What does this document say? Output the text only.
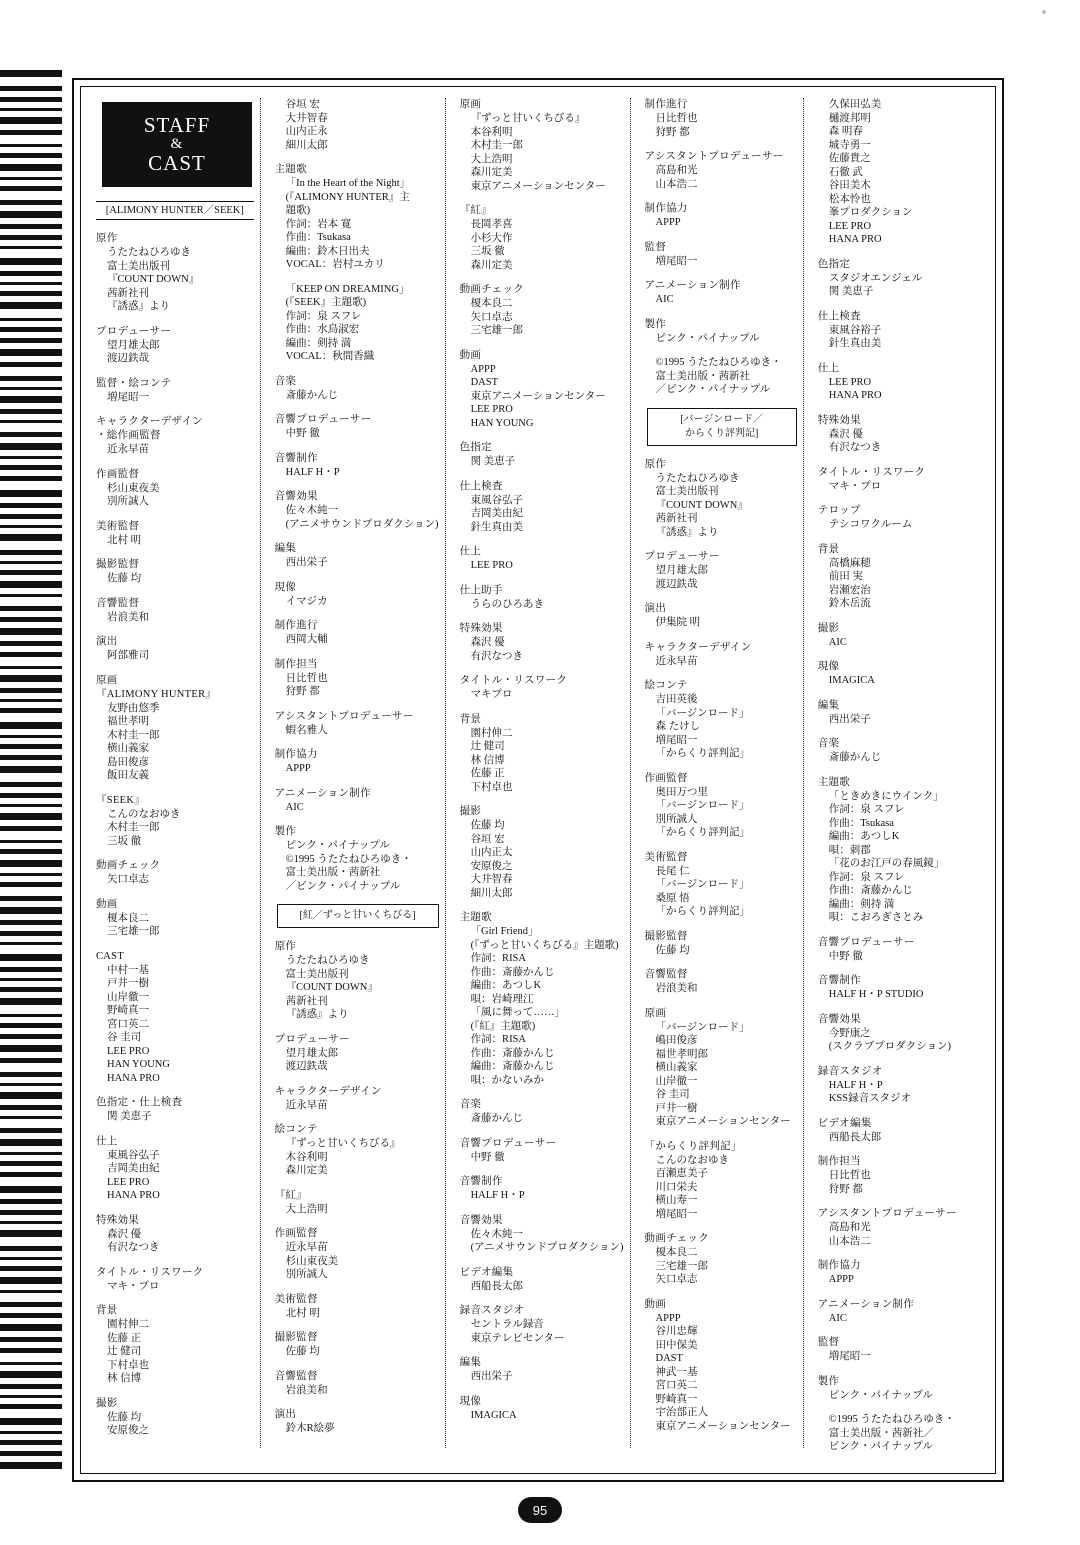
STAFF
&
CAST
[ALIMONY HUNTER／SEEK]
原作
うたたねひろゆき
富士美出版刊
『COUNT DOWN』
茜新社刊
『誘惑』より
プロデューサー
望月雄太郎
渡辺鉄哉
監督・絵コンテ
増尾昭一
キャラクターデザイン
・総作画監督
近永早苗
作画監督
杉山東夜美
別所誠人
美術監督
北村 明
撮影監督
佐藤 均
音響監督
岩浪美和
演出
阿部雅司
原画
『ALIMONY HUNTER』
友野由悠季
福世孝明
木村圭一郎
横山義家
島田俊彦
飯田友義
『SEEK』
こんのなおゆき
木村圭一郎
三坂 徹
動画チェック
矢口卓志
動画
榎本良二
三宅雄一郎
CAST
中村一基
戸井一樹
山岸徹一
野崎真一
宮口英二
谷 圭司
LEE PRO
HAN YOUNG
HANA PRO
色指定・仕上検査
関 美恵子
仕上
東風谷弘子
吉岡美由紀
LEE PRO
HANA PRO
特殊効果
森沢 優
有沢なつき
タイトル・リスワーク
マキ・プロ
背景
園村伸二
佐藤 正
辻 健司
下村卓也
林 信博
撮影
佐藤 均
安原俊之
谷垣 宏
大井智春
山内正永
細川太郎
主題歌
「In the Heart of the Night」
(『ALIMONY HUNTER』主
題歌)
作詞：岩本 寛
作曲：Tsukasa
編曲：鈴木日出夫
VOCAL：岩村ユカリ
「KEEP ON DREAMING」
(『SEEK』主題歌)
作詞：泉 スフレ
作曲：水鳥淑宏
編曲：剣持 満
VOCAL：秋間香織
音楽
斎藤かんじ
音響プロデューサー
中野 徹
音響制作
HALF H・P
音響効果
佐々木純一
(アニメサウンドプロダクション)
編集
西出栄子
現像
イマジカ
制作進行
西岡大輔
制作担当
日比哲也
狩野 都
アシスタントプロデューサー
蝦名雅人
制作協力
APPP
アニメーション制作
AIC
製作
ピンク・パイナップル
©1995 うたたねひろゆき・
富士美出版・茜新社
／ピンク・パイナップル
[紅／ずっと甘いくちびる]
原作
うたたねひろゆき
富士美出版刊
『COUNT DOWN』
茜新社刊
『誘惑』より
プロデューサー
望月雄太郎
渡辺鉄哉
キャラクターデザイン
近永早苗
絵コンテ
『ずっと甘いくちびる』
木谷利明
森川定美
『紅』
大上浩明
作画監督
近永早苗
杉山東夜美
別所誠人
美術監督
北村 明
撮影監督
佐藤 均
音響監督
岩浪美和
演出
鈴木R絵夢
原画
『ずっと甘いくちびる』
本谷利明
木村圭一郎
大上浩明
森川定美
東京アニメーションセンター
『紅』
長岡孝喜
小杉大作
三坂 徹
森川定美
動画チェック
榎本良二
矢口卓志
三宅雄一郎
動画
APPP
DAST
東京アニメーションセンター
LEE PRO
HAN YOUNG
色指定
関 美恵子
仕上検査
東風谷弘子
吉岡美由紀
針生真由美
仕上
LEE PRO
仕上助手
うらのひろあき
特殊効果
森沢 優
有沢なつき
タイトル・リスワーク
マキプロ
背景
園村伸二
辻 健司
林 信博
佐藤 正
下村卓也
撮影
佐藤 均
谷垣 宏
山内正太
安原俊之
大井智春
細川太郎
主題歌
「Girl Friend」
(『ずっと甘いくちびる』主題歌)
作詞：RISA
作曲：斎藤かんじ
編曲：あつしK
唄：岩崎理江
「風に舞って……」
(『紅』主題歌)
作詞：RISA
作曲：斎藤かんじ
編曲：斎藤かんじ
唄：かないみか
音楽
斎藤かんじ
音響プロデューサー
中野 徹
音響制作
HALF H・P
音響効果
佐々木純一
(アニメサウンドプロダクション)
ビデオ編集
西船長太郎
録音スタジオ
セントラル録音
東京テレビセンター
編集
西出栄子
現像
IMAGICA
制作進行
日比哲也
狩野 都
アシスタントプロデューサー
高島和光
山本浩二
制作協力
APPP
監督
増尾昭一
アニメーション制作
AIC
製作
ピンク・パイナップル
©1995 うたたねひろゆき・
富士美出版・茜新社
／ピンク・パイナップル
[バージンロード／
からくり評判記]
原作
うたたねひろゆき
富士美出版刊
『COUNT DOWN』
茜新社刊
『誘惑』より
プロデューサー
望月雄太郎
渡辺鉄哉
演出
伊集院 明
キャラクターデザイン
近永早苗
絵コンテ
吉田英後
「バージンロード」
森 たけし
増尾昭一
「からくり評判記」
作画監督
奥田万つ里
「バージンロード」
別所誠人
「からくり評判記」
美術監督
長尾 仁
「バージンロード」
桑原 悟
「からくり評判記」
撮影監督
佐藤 均
音響監督
岩浪美和
原画
「バージンロード」
嶋田俊彦
福世孝明郎
横山義家
山岸徹一
谷 圭司
戸井一樹
東京アニメーションセンター
「からくり評判記」
こんのなおゆき
百瀬恵美子
川口栄夫
横山寿一
増尾昭一
動画チェック
榎本良二
三宅雄一郎
矢口卓志
動画
APPP
谷川忠輝
田中保美
DAST
神武一基
宮口英二
野崎真一
宇治部正人
東京アニメーションセンター
久保田弘美
樋渡邦明
森 明春
城寺勇一
佐藤貴之
石徹 武
谷田美木
松本怜也
峯プロダクション
LEE PRO
HANA PRO
色指定
スタジオエンジェル
関 美恵子
仕上検査
東風谷裕子
針生真由美
仕上
LEE PRO
HANA PRO
特殊効果
森沢 優
有沢なつき
タイトル・リスワーク
マキ・プロ
テロップ
テシコワクルーム
背景
高橋麻穂
前田 実
岩瀬宏治
鈴木岳流
撮影
AIC
現像
IMAGICA
編集
西出栄子
音楽
斎藤かんじ
主題歌
「ときめきにウインク」
作詞：泉 スフレ
作曲：Tsukasa
編曲：あつしK
唄：刺郡
「花のお江戸の春風鏡」
作詞：泉 スフレ
作曲：斎藤かんじ
編曲：剣持 満
唄：こおろぎさとみ
音響プロデューサー
中野 徹
音響制作
HALF H・P STUDIO
音響効果
今野康之
(スクラブプロダクション)
録音スタジオ
HALF H・P
KSS録音スタジオ
ビデオ編集
西船長太郎
制作担当
日比哲也
狩野 都
アシスタントプロデューサー
高島和光
山本浩二
制作協力
APPP
アニメーション制作
AIC
監督
増尾昭一
製作
ピンク・パイナップル
©1995 うたたねひろゆき・
富士美出版・茜新社／
ピンク・パイナップル
95
